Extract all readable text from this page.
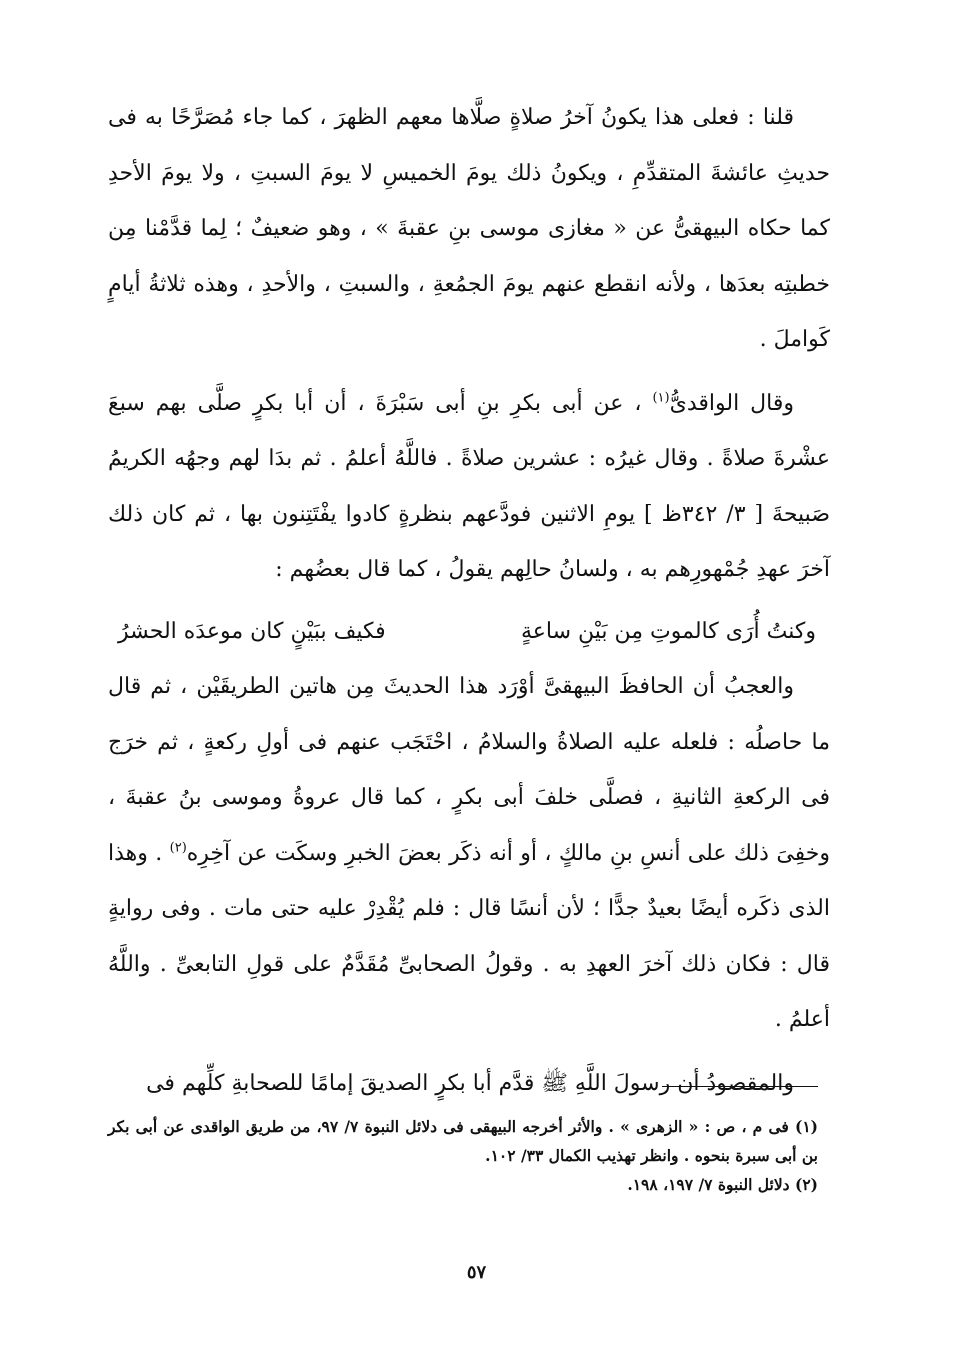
قلنا : فعلى هذا يكونُ آخرُ صلاةٍ صلَّاها معهم الظهرَ ، كما جاء مُصَرَّحًا به فى حديثِ عائشةَ المتقدِّمِ ، ويكونُ ذلك يومَ الخميسِ لا يومَ السبتِ ، ولا يومَ الأحدِ كما حكاه البيهقىُّ عن « مغازى موسى بنِ عقبةَ » ، وهو ضعيفٌ ؛ لِما قدَّمْنا مِن خطبتِه بعدَها ، ولأنه انقطع عنهم يومَ الجمُعةِ ، والسبتِ ، والأحدِ ، وهذه ثلاثةُ أيامٍ كَواملَ .

وقال الواقدىُّ$^{(١)}$ ، عن أبى بكرِ بنِ أبى سَبْرَةَ ، أن أبا بكرٍ صلَّى بهم سبعَ عشْرةَ صلاةً . وقال غيرُه : عشرين صلاةً . فاللَّهُ أعلمُ . ثم بدَا لهم وجهُه الكريمُ صَبيحةَ [ ٣/ ٣٤٢ظ ] يومِ الاثنين فودَّعهم بنظرةٍ كادوا يفْتَتِنون بها ، ثم كان ذلك آخرَ عهدِ جُمْهورِهم به ، ولسانُ حالِهم يقولُ ، كما قال بعضُهم :

وكنتُ أُرَى كالموتِ مِن بَيْنِ ساعةٍ
فكيف ببَيْنٍ كان موعدَه الحشرُ

والعجبُ أن الحافظَ البيهقىَّ أوْرَد هذا الحديثَ مِن هاتين الطريقَيْن ، ثم قال ما حاصلُه : فلعله عليه الصلاةُ والسلامُ ، احْتَجَب عنهم فى أولِ ركعةٍ ، ثم خرَج فى الركعةِ الثانيةِ ، فصلَّى خلفَ أبى بكرٍ ، كما قال عروةُ وموسى بنُ عقبةَ ، وخفِىَ ذلك على أنسِ بنِ مالكٍ ، أو أنه ذكَر بعضَ الخبرِ وسكَت عن آخِرِه$^{(٢)}$ . وهذا الذى ذكَره أيضًا بعيدٌ جدًّا ؛ لأن أنسًا قال : فلم يُقْدِرْ عليه حتى مات . وفى روايةٍ قال : فكان ذلك آخرَ العهدِ به . وقولُ الصحابىِّ مُقَدَّمٌ على قولِ التابعىِّ . واللَّهُ أعلمُ .

والمقصودُ أن رسولَ اللَّهِ ﷺ قدَّم أبا بكرٍ الصديقَ إمامًا للصحابةِ كلِّهم فى

(١) فى م ، ص : « الزهرى » . والأثر أخرجه البيهقى فى دلائل النبوة ٧/ ٩٧، من طريق الواقدى عن أبى بكر بن أبى سبرة بنحوه . وانظر تهذيب الكمال ٣٣/ ١٠٢.

(٢) دلائل النبوة ٧/ ١٩٧، ١٩٨.

٥٧
